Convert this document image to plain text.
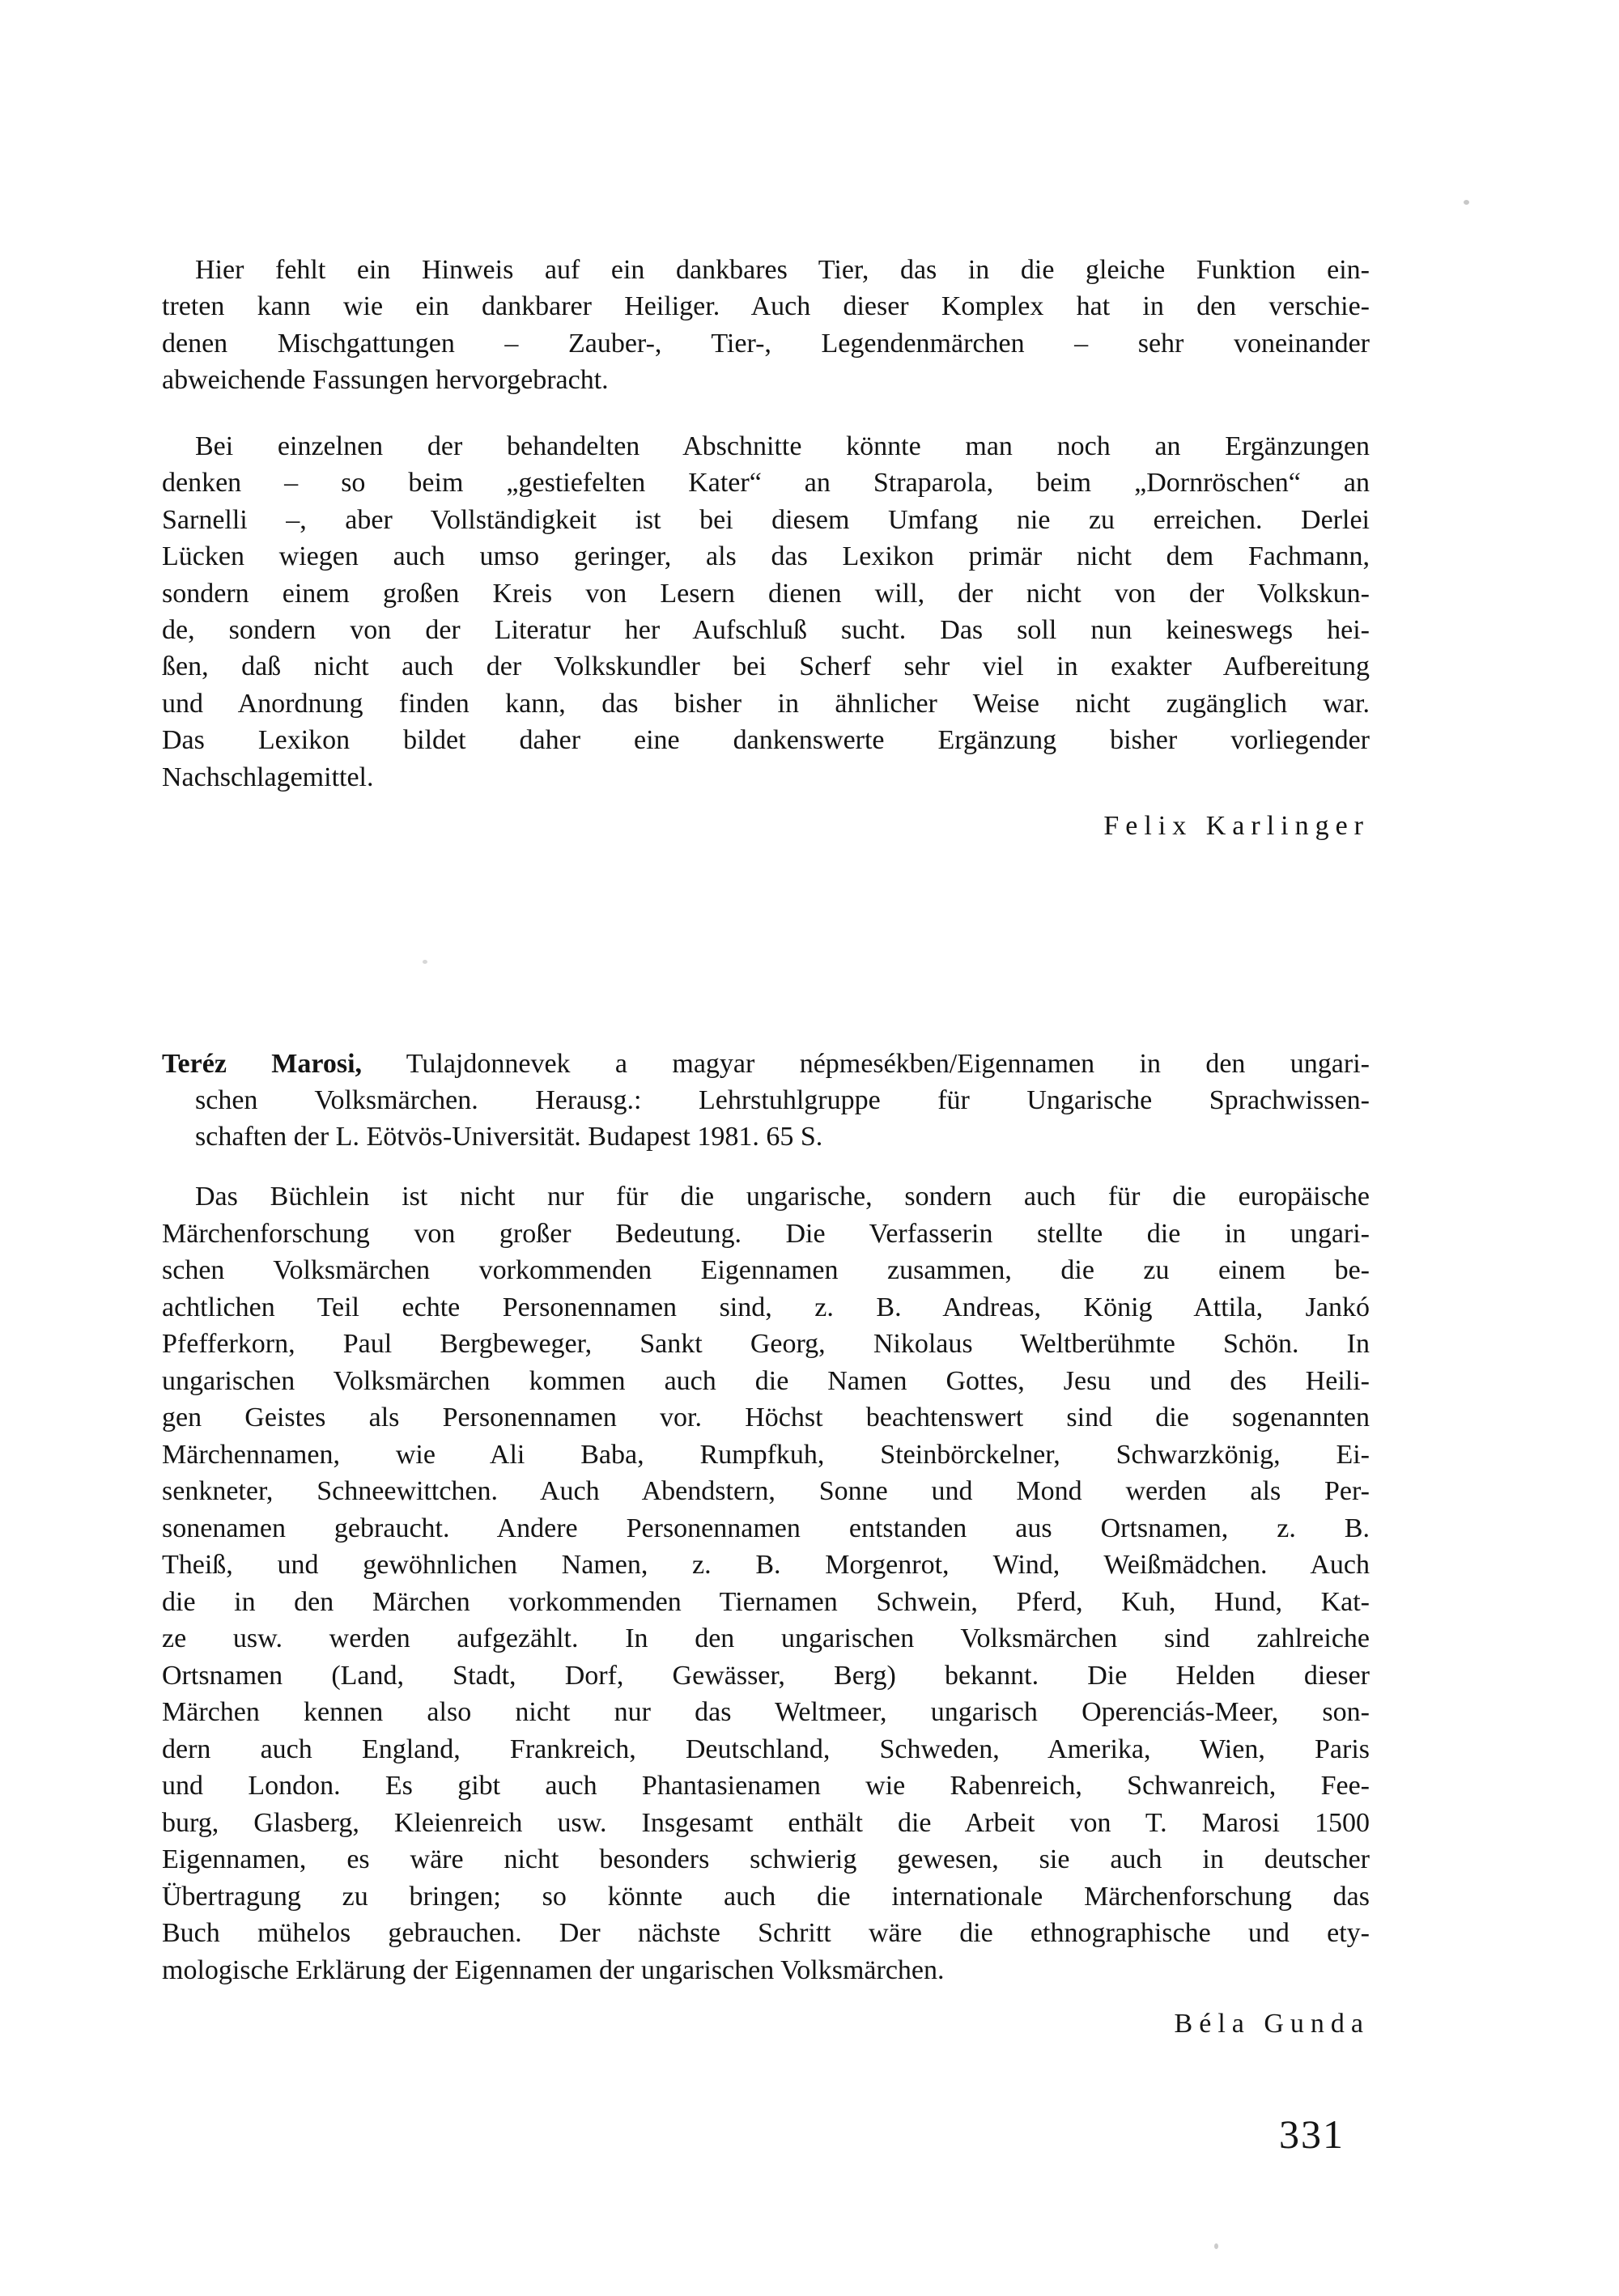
Hier fehlt ein Hinweis auf ein dankbares Tier, das in die gleiche Funktion ein-
treten kann wie ein dankbarer Heiliger. Auch dieser Komplex hat in den verschie-
denen Mischgattungen – Zauber-, Tier-, Legendenmärchen – sehr voneinander
abweichende Fassungen hervorgebracht.
Bei einzelnen der behandelten Abschnitte könnte man noch an Ergänzungen
denken – so beim „gestiefelten Kater“ an Straparola, beim „Dornröschen“ an
Sarnelli –, aber Vollständigkeit ist bei diesem Umfang nie zu erreichen. Derlei
Lücken wiegen auch umso geringer, als das Lexikon primär nicht dem Fachmann,
sondern einem großen Kreis von Lesern dienen will, der nicht von der Volkskun-
de, sondern von der Literatur her Aufschluß sucht. Das soll nun keineswegs hei-
ßen, daß nicht auch der Volkskundler bei Scherf sehr viel in exakter Aufbereitung
und Anordnung finden kann, das bisher in ähnlicher Weise nicht zugänglich war.
Das Lexikon bildet daher eine dankenswerte Ergänzung bisher vorliegender
Nachschlagemittel.
Felix Karlinger
Teréz Marosi, Tulajdonnevek a magyar népmesékben/Eigennamen in den ungari-
schen Volksmärchen. Herausg.: Lehrstuhlgruppe für Ungarische Sprachwissen-
schaften der L. Eötvös-Universität. Budapest 1981. 65 S.
Das Büchlein ist nicht nur für die ungarische, sondern auch für die europäische
Märchenforschung von großer Bedeutung. Die Verfasserin stellte die in ungari-
schen Volksmärchen vorkommenden Eigennamen zusammen, die zu einem be-
achtlichen Teil echte Personennamen sind, z. B. Andreas, König Attila, Jankó
Pfefferkorn, Paul Bergbeweger, Sankt Georg, Nikolaus Weltberühmte Schön. In
ungarischen Volksmärchen kommen auch die Namen Gottes, Jesu und des Heili-
gen Geistes als Personennamen vor. Höchst beachtenswert sind die sogenannten
Märchennamen, wie Ali Baba, Rumpfkuh, Steinbörckelner, Schwarzkönig, Ei-
senkneter, Schneewittchen. Auch Abendstern, Sonne und Mond werden als Per-
sonenamen gebraucht. Andere Personennamen entstanden aus Ortsnamen, z. B.
Theiß, und gewöhnlichen Namen, z. B. Morgenrot, Wind, Weißmädchen. Auch
die in den Märchen vorkommenden Tiernamen Schwein, Pferd, Kuh, Hund, Kat-
ze usw. werden aufgezählt. In den ungarischen Volksmärchen sind zahlreiche
Ortsnamen (Land, Stadt, Dorf, Gewässer, Berg) bekannt. Die Helden dieser
Märchen kennen also nicht nur das Weltmeer, ungarisch Operenciás-Meer, son-
dern auch England, Frankreich, Deutschland, Schweden, Amerika, Wien, Paris
und London. Es gibt auch Phantasienamen wie Rabenreich, Schwanreich, Fee-
burg, Glasberg, Kleienreich usw. Insgesamt enthält die Arbeit von T. Marosi 1500
Eigennamen, es wäre nicht besonders schwierig gewesen, sie auch in deutscher
Übertragung zu bringen; so könnte auch die internationale Märchenforschung das
Buch mühelos gebrauchen. Der nächste Schritt wäre die ethnographische und ety-
mologische Erklärung der Eigennamen der ungarischen Volksmärchen.
Béla Gunda
331
